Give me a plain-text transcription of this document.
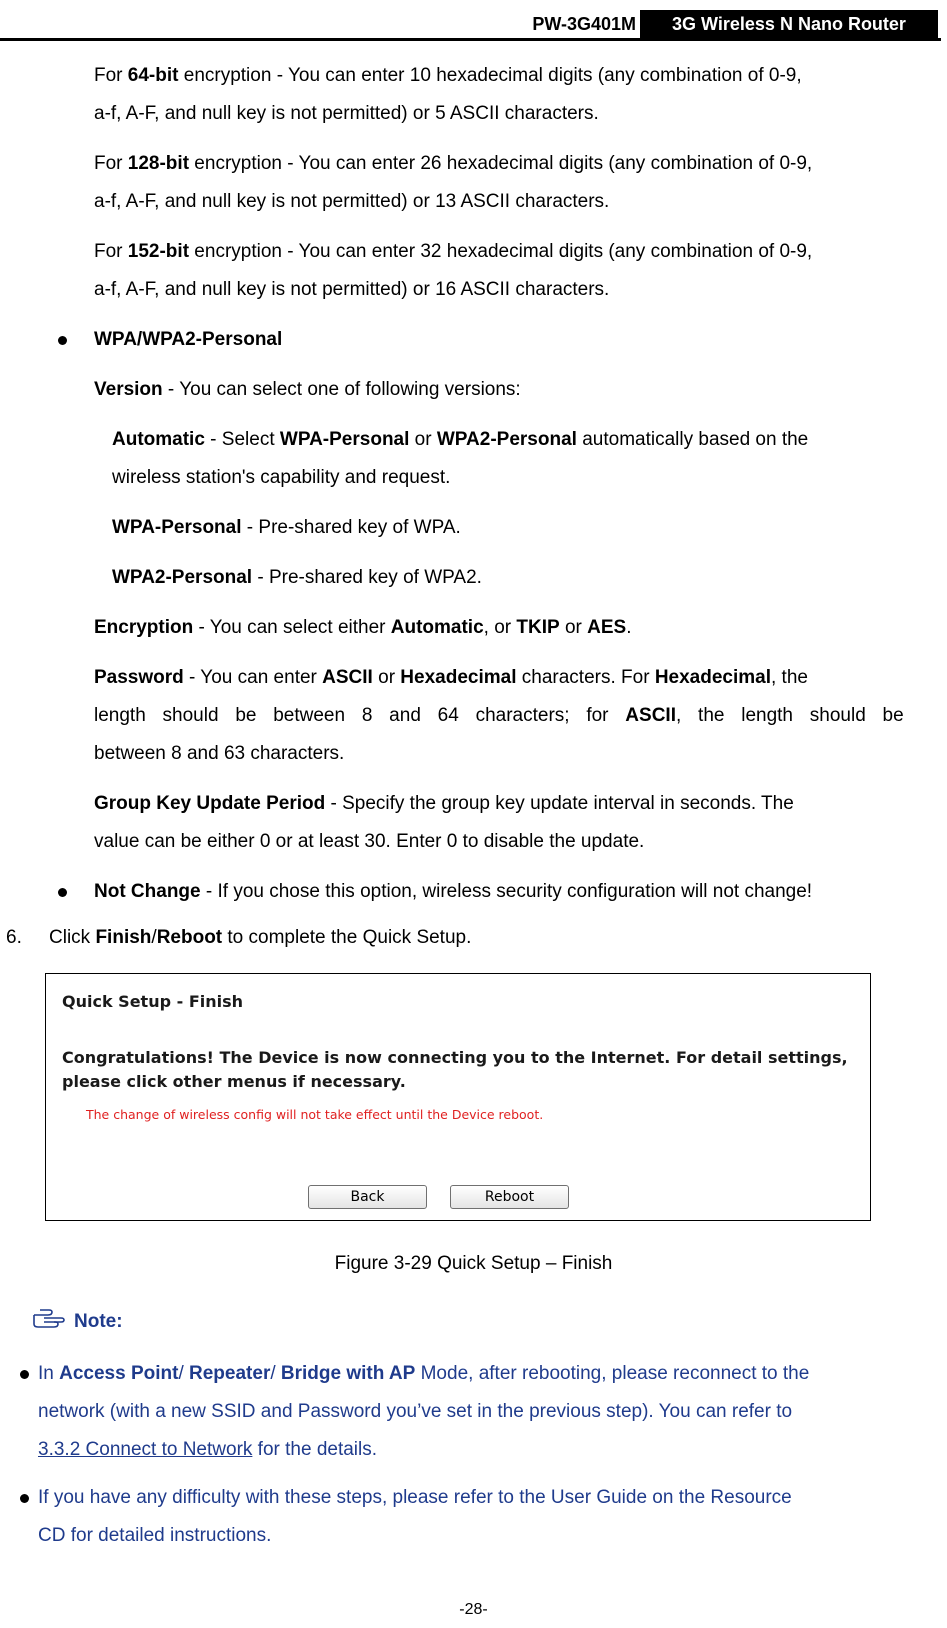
PW-3G401M	3G Wireless N Nano Router
For 64-bit encryption - You can enter 10 hexadecimal digits (any combination of 0-9,
a-f, A-F, and null key is not permitted) or 5 ASCII characters.
For 128-bit encryption - You can enter 26 hexadecimal digits (any combination of 0-9,
a-f, A-F, and null key is not permitted) or 13 ASCII characters.
For 152-bit encryption - You can enter 32 hexadecimal digits (any combination of 0-9,
a-f, A-F, and null key is not permitted) or 16 ASCII characters.
WPA/WPA2-Personal
Version - You can select one of following versions:
Automatic - Select WPA-Personal or WPA2-Personal automatically based on the
wireless station's capability and request.
WPA-Personal - Pre-shared key of WPA.
WPA2-Personal - Pre-shared key of WPA2.
Encryption - You can select either Automatic, or TKIP or AES.
Password - You can enter ASCII or Hexadecimal characters. For Hexadecimal, the
length should be between 8 and 64 characters; for ASCII, the length should be
between 8 and 63 characters.
Group Key Update Period - Specify the group key update interval in seconds. The
value can be either 0 or at least 30. Enter 0 to disable the update.
Not Change - If you chose this option, wireless security configuration will not change!
6. Click Finish/Reboot to complete the Quick Setup.
Quick Setup - Finish
Congratulations! The Device is now connecting you to the Internet. For detail settings,
please click other menus if necessary.
The change of wireless config will not take effect until the Device reboot.
Back	Reboot
Figure 3-29 Quick Setup – Finish
Note:
In Access Point/ Repeater/ Bridge with AP Mode, after rebooting, please reconnect to the
network (with a new SSID and Password you’ve set in the previous step). You can refer to
3.3.2 Connect to Network for the details.
If you have any difficulty with these steps, please refer to the User Guide on the Resource
CD for detailed instructions.
-28-
